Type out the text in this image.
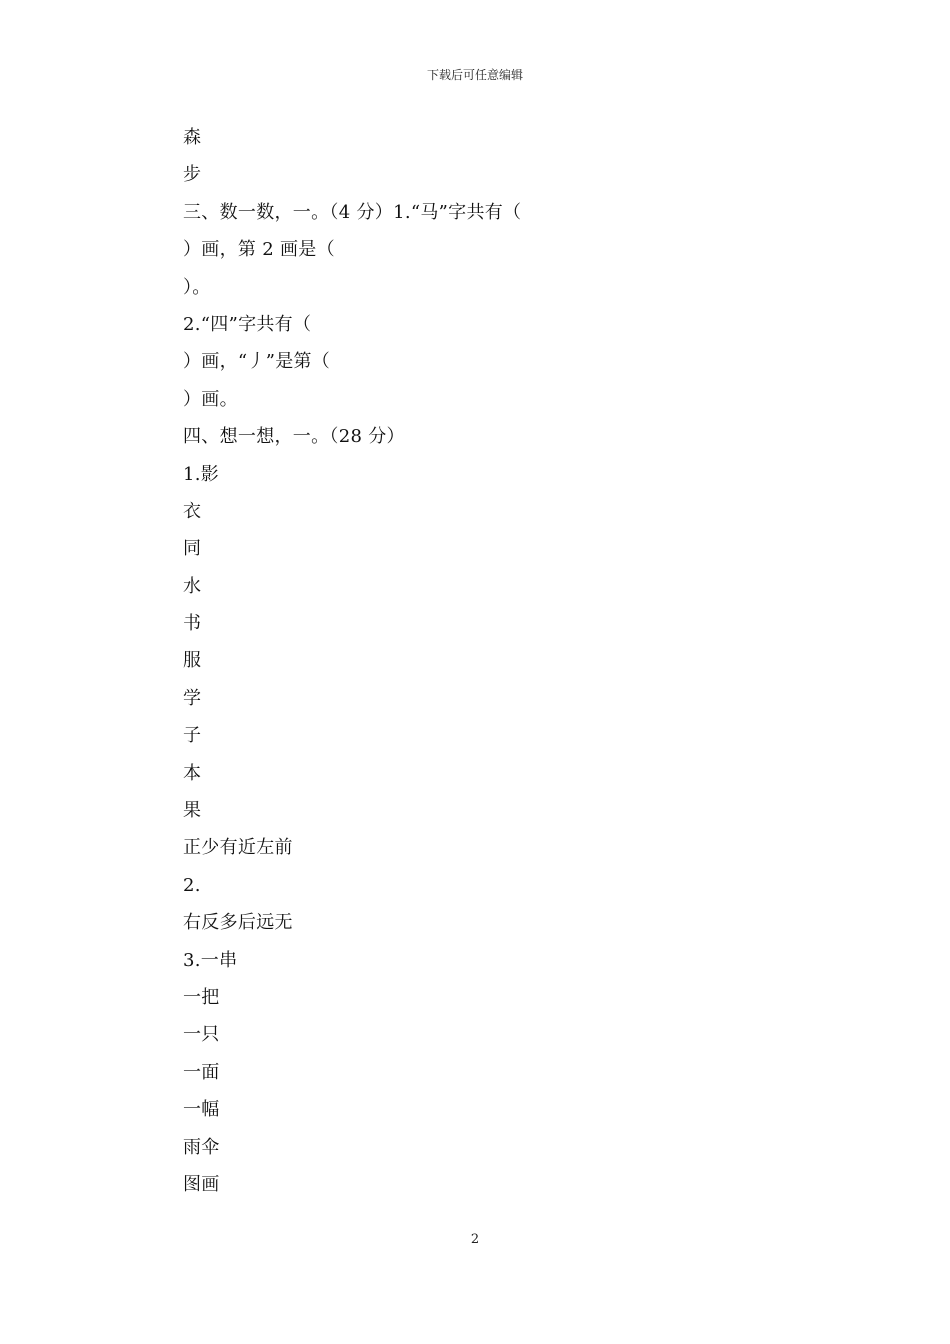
下载后可任意编辑
森
步
三、数一数，一。（4 分）1.“马”字共有（
）画，第 2 画是（
）。
2.“四”字共有（
）画，“丿”是第（
）画。
四、想一想，一。（28 分）
1.影
衣
同
水
书
服
学
子
本
果
正少有近左前
2.
右反多后远无
3.一串
一把
一只
一面
一幅
雨伞
图画
2
